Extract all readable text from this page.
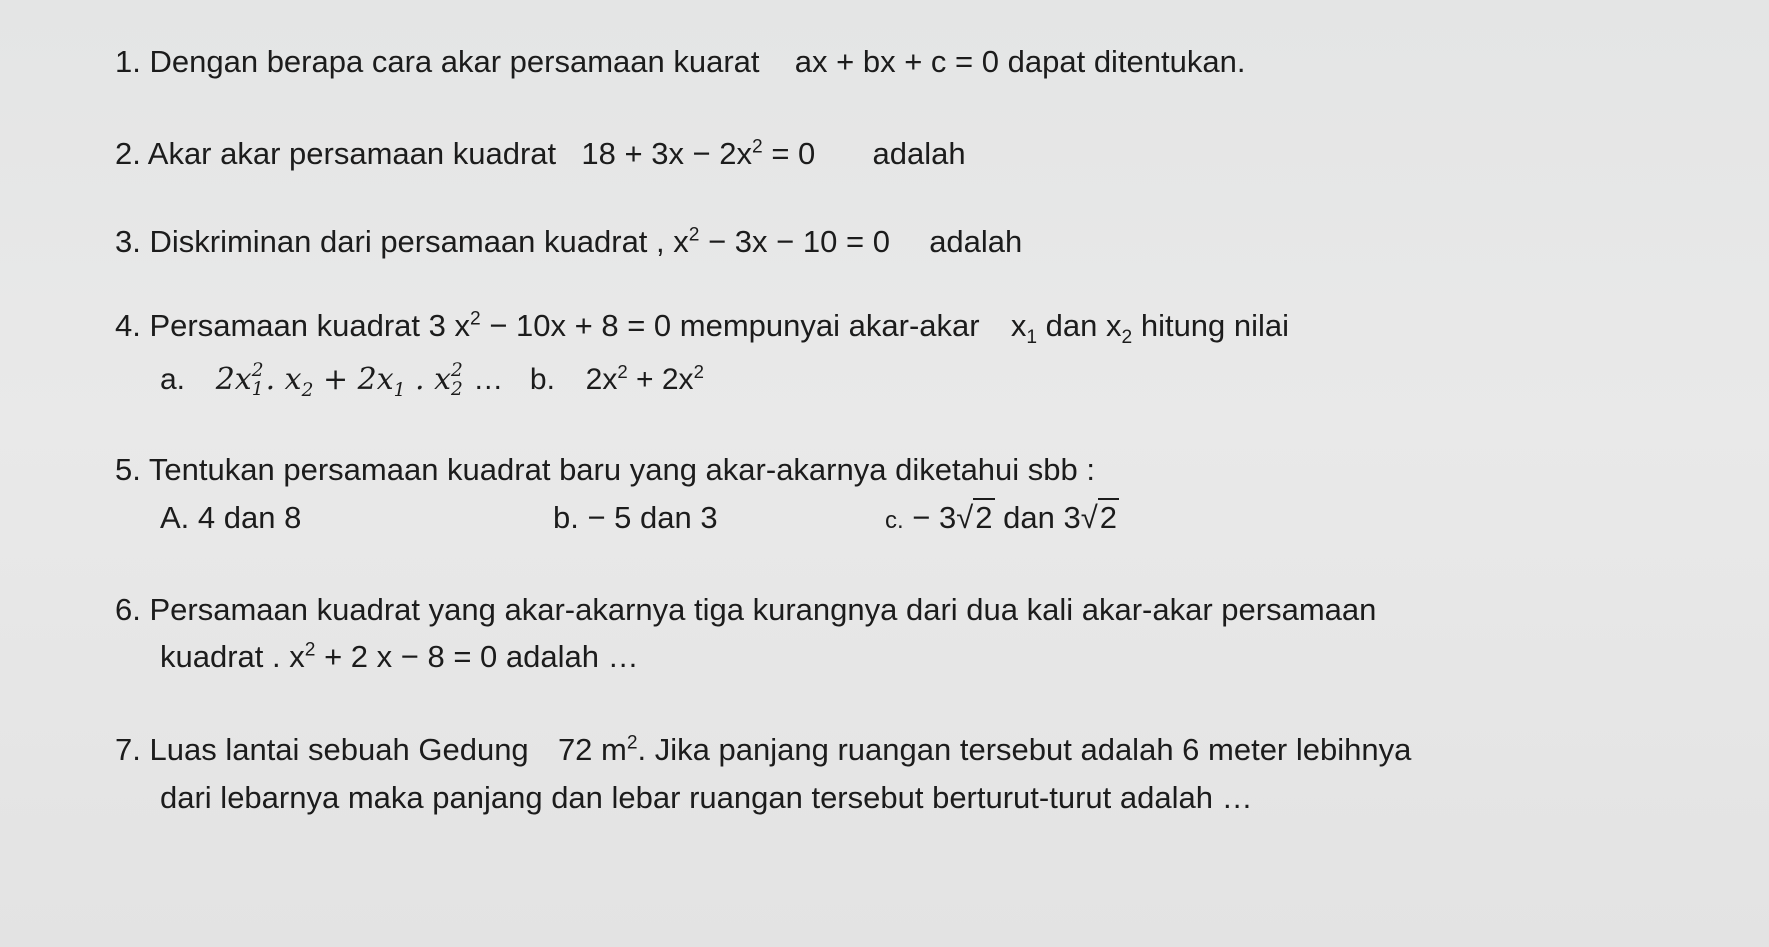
1. Dengan berapa cara akar persamaan kuarat ax + bx + c = 0 dapat ditentukan.
2. Akar akar persamaan kuadrat $18 + 3x - 2x^2 = 0$ adalah
3. Diskriminan dari persamaan kuadrat , $x^2 - 3x - 10 = 0$ adalah
4. Persamaan kuadrat 3 $x^2 - 10x + 8 = 0$ mempunyai akar-akar $x_1$ dan $x_2$ hitung nilai
a. 2x 2
1 . $x_2 + 2x_1$ . x 2
2 … b. $2x^2 + 2x^2$
5. Tentukan persamaan kuadrat baru yang akar-akarnya diketahui sbb :
A. 4 dan 8	b. − 5 dan 3	c. − 3√2 dan 3√2
6. Persamaan kuadrat yang akar-akarnya tiga kurangnya dari dua kali akar-akar persamaan
kuadrat . $x^2 + 2$ x − 8 = 0 adalah …
7. Luas lantai sebuah Gedung 72 $m^2$. Jika panjang ruangan tersebut adalah 6 meter lebihnya
dari lebarnya maka panjang dan lebar ruangan tersebut berturut-turut adalah …
